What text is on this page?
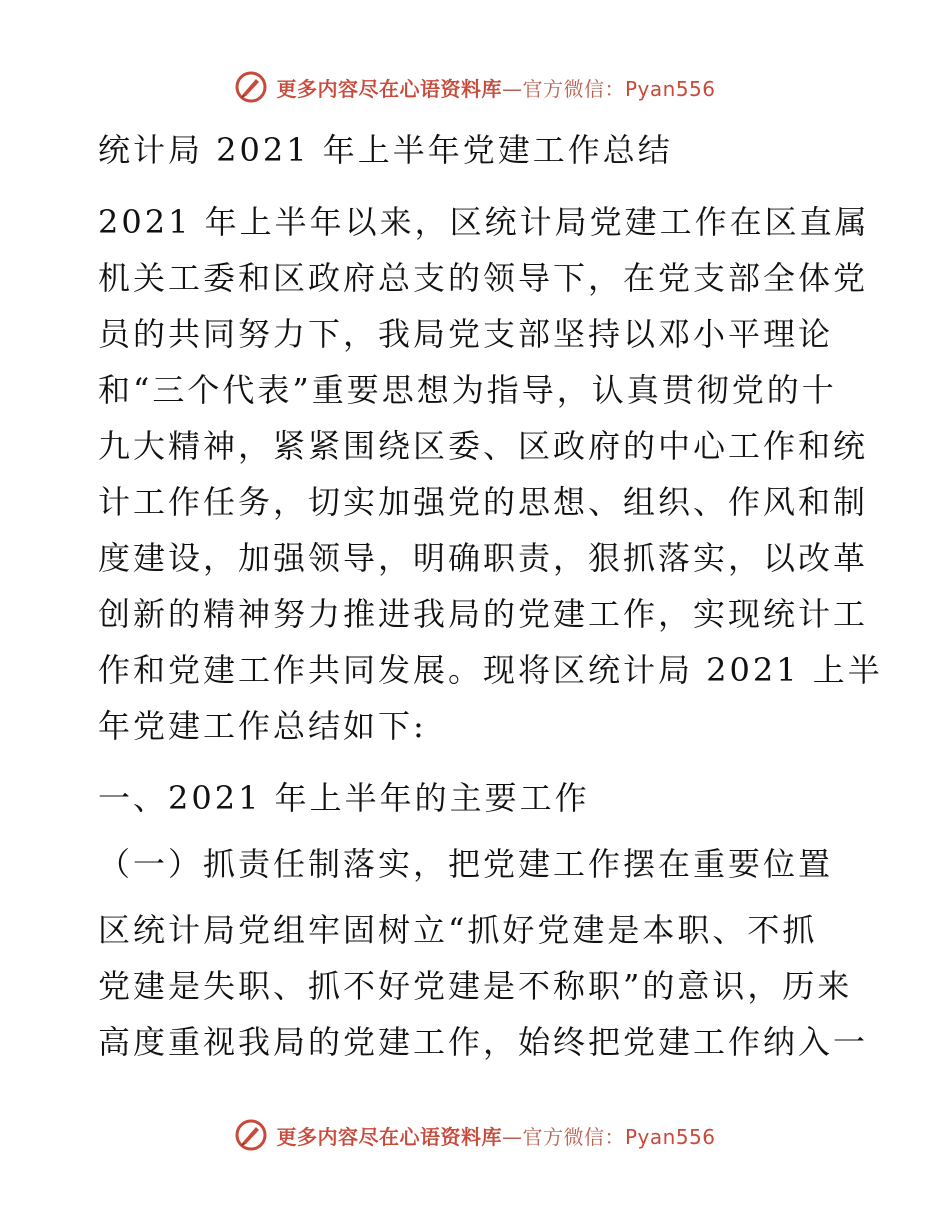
更多内容尽在心语资料库—官方微信：Pyan556
统计局 2021 年上半年党建工作总结
2021 年上半年以来，区统计局党建工作在区直属
机关工委和区政府总支的领导下，在党支部全体党
员的共同努力下，我局党支部坚持以邓小平理论
和“三个代表”重要思想为指导，认真贯彻党的十
九大精神，紧紧围绕区委、区政府的中心工作和统
计工作任务，切实加强党的思想、组织、作风和制
度建设，加强领导，明确职责，狠抓落实，以改革
创新的精神努力推进我局的党建工作，实现统计工
作和党建工作共同发展。现将区统计局 2021 上半
年党建工作总结如下:
一、2021 年上半年的主要工作
（一）抓责任制落实，把党建工作摆在重要位置
区统计局党组牢固树立“抓好党建是本职、不抓
党建是失职、抓不好党建是不称职”的意识，历来
高度重视我局的党建工作，始终把党建工作纳入一
更多内容尽在心语资料库—官方微信：Pyan556
